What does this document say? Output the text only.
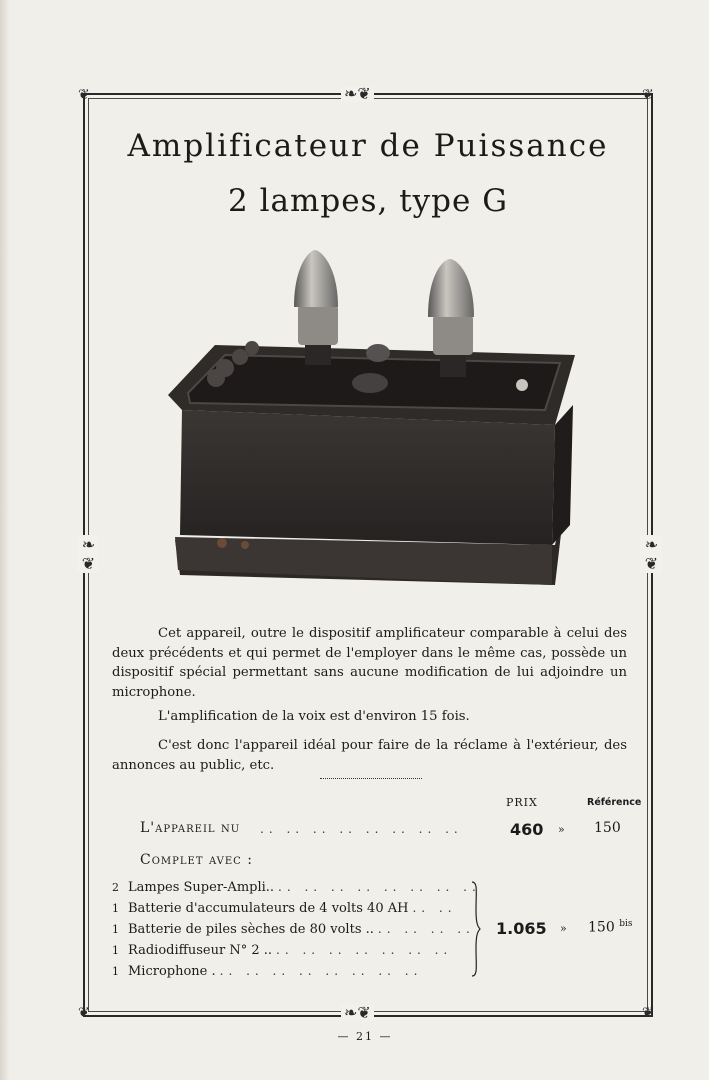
❦	❦
❦	❦
❧❦
❧❦
❧❦	❧❦
Amplificateur de Puissance
2 lampes, type G
Cet appareil, outre le dispositif amplificateur comparable à celui des deux précédents et qui permet de l'employer dans le même cas, possède un dispositif spécial permettant sans aucune modification de lui adjoindre un microphone.
L'amplification de la voix est d'environ 15 fois.
C'est donc l'appareil idéal pour faire de la réclame à l'extérieur, des annonces au public, etc.
PRIX	Référence
L'appareil nu .. .. .. .. .. .. .. ..	460 » 150
Complet avec :
2 Lampes Super-Ampli.. .. .. .. .. .. .. .. ..
1 Batterie d'accumulateurs de 4 volts 40 AH .. ..
1 Batterie de piles sèches de 80 volts .. .. .. .. ..
1 Radiodiffuseur N° 2 .. .. .. .. .. .. .. ..
1 Microphone . .. .. .. .. .. .. .. ..
1.065 » 150 $^{bis}$
— 21 —
